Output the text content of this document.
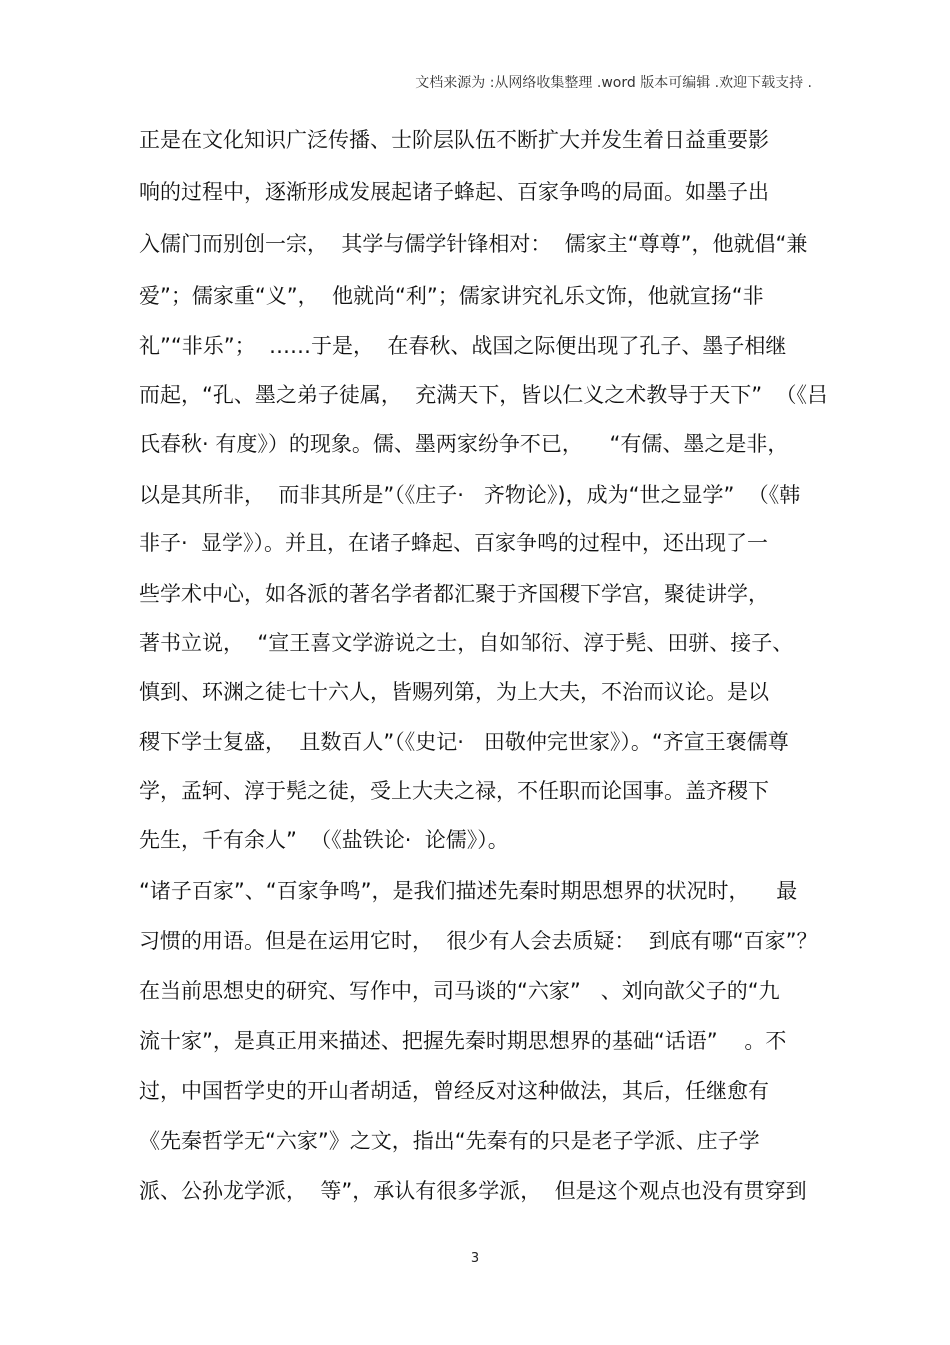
文档来源为 :从网络收集整理 .word 版本可编辑 .欢迎下载支持 .
正是在文化知识广泛传播、士阶层队伍不断扩大并发生着日益重要影
响的过程中，逐渐形成发展起诸子蜂起、百家争鸣的局面。如墨子出
入儒门而别创一宗，  其学与儒学针锋相对：  儒家主“尊尊”，他就倡“兼
爱”；儒家重“义”，  他就尚“利”；儒家讲究礼乐文饰，他就宣扬“非
礼”“非乐”；  ……于是，  在春秋、战国之际便出现了孔子、墨子相继
而起，“孔、墨之弟子徒属，  充满天下，皆以仁义之术教导于天下”  （《吕
氏春秋· 有度》）的现象。儒、墨两家纷争不已，    “有儒、墨之是非，
以是其所非，  而非其所是”（《庄子·   齐物论》)，成为“世之显学”  （《韩
非子·  显学》）。并且，在诸子蜂起、百家争鸣的过程中，还出现了一
些学术中心，如各派的著名学者都汇聚于齐国稷下学宫，聚徒讲学，
著书立说，  “宣王喜文学游说之士，自如邹衍、淳于髡、田骈、接子、
慎到、环渊之徒七十六人，皆赐列第，为上大夫，不治而议论。是以
稷下学士复盛，  且数百人”（《史记·   田敬仲完世家》）。“齐宣王褒儒尊
学，孟轲、淳于髡之徒，受上大夫之禄，不任职而论国事。盖齐稷下
先生，千有余人”  （《盐铁论·  论儒》）。
“诸子百家”、“百家争鸣”，是我们描述先秦时期思想界的状况时，    最
习惯的用语。但是在运用它时，  很少有人会去质疑：  到底有哪“百家”？
在当前思想史的研究、写作中，司马谈的“六家”   、刘向歆父子的“九
流十家”，是真正用来描述、把握先秦时期思想界的基础“话语”    。不
过，中国哲学史的开山者胡适，曾经反对这种做法，其后，任继愈有
《先秦哲学无“六家”》之文，指出“先秦有的只是老子学派、庄子学
派、公孙龙学派，  等”，承认有很多学派，  但是这个观点也没有贯穿到
3
